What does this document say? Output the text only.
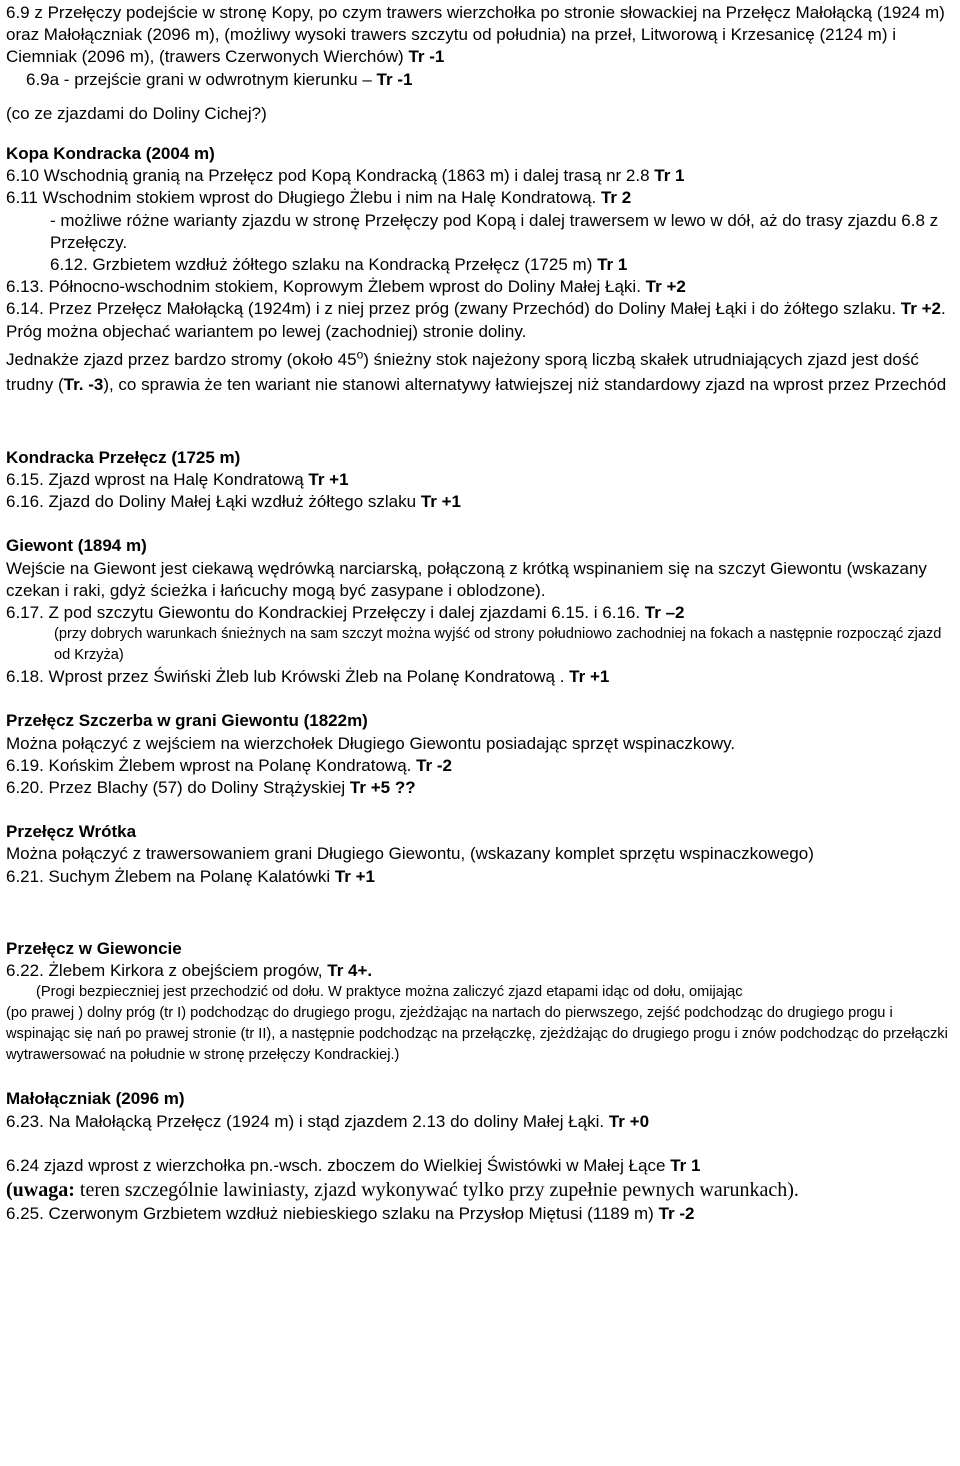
6.9 z Przełęczy podejście w stronę Kopy, po czym trawers wierzchołka po stronie słowackiej na Przełęcz Małołącką (1924 m) oraz Małołączniak (2096 m), (możliwy wysoki trawers szczytu od południa) na przeł, Litworową i Krzesanicę (2124 m) i Ciemniak (2096 m), (trawers Czerwonych Wierchów) Tr -1

6.9a - przejście grani w odwrotnym kierunku – Tr -1

(co ze zjazdami do Doliny Cichej?)

Kopa Kondracka (2004 m)

6.10 Wschodnią granią na Przełęcz pod Kopą Kondracką (1863 m) i dalej trasą nr 2.8 Tr 1

6.11 Wschodnim stokiem wprost do Długiego Żlebu i nim na Halę Kondratową. Tr 2

- możliwe różne warianty zjazdu w stronę Przełęczy pod Kopą i dalej trawersem w lewo w dół, aż do trasy zjazdu 6.8 z Przełęczy.

6.12. Grzbietem wzdłuż żółtego szlaku na Kondracką Przełęcz (1725 m) Tr 1

6.13. Północno-wschodnim stokiem, Koprowym Żlebem wprost do Doliny Małej Łąki. Tr +2

6.14. Przez Przełęcz Małołącką (1924m) i z niej przez próg (zwany Przechód) do Doliny Małej Łąki i do żółtego szlaku. Tr +2. Próg można objechać wariantem po lewej (zachodniej) stronie doliny.

Jednakże zjazd przez bardzo stromy (około 45$^o$) śnieżny stok najeżony sporą liczbą skałek utrudniających zjazd jest dość trudny (Tr. -3), co sprawia że ten wariant nie stanowi alternatywy łatwiejszej niż standardowy zjazd na wprost przez Przechód

Kondracka Przełęcz (1725 m)

6.15. Zjazd wprost na Halę Kondratową Tr +1

6.16. Zjazd do Doliny Małej Łąki wzdłuż żółtego szlaku Tr +1

Giewont (1894 m)

Wejście na Giewont jest ciekawą wędrówką narciarską, połączoną z krótką wspinaniem się na szczyt Giewontu (wskazany czekan i raki, gdyż ścieżka i łańcuchy mogą być zasypane i oblodzone).

6.17. Z pod szczytu Giewontu do Kondrackiej Przełęczy i dalej zjazdami 6.15. i 6.16. Tr –2

(przy dobrych warunkach śnieżnych na sam szczyt można wyjść od strony południowo zachodniej na fokach a następnie rozpocząć zjazd od Krzyża)

6.18. Wprost przez Świński Żleb lub Krówski Żleb na Polanę Kondratową . Tr +1

Przełęcz Szczerba w grani Giewontu (1822m)

Można połączyć z wejściem na wierzchołek Długiego Giewontu posiadając sprzęt wspinaczkowy.

6.19. Końskim Żlebem wprost na Polanę Kondratową. Tr -2

6.20. Przez Blachy (57) do Doliny Strążyskiej Tr +5 ??

Przełęcz Wrótka

Można połączyć z trawersowaniem grani Długiego Giewontu, (wskazany komplet sprzętu wspinaczkowego)

6.21. Suchym Żlebem na Polanę Kalatówki Tr +1

Przełęcz w Giewoncie

6.22. Żlebem Kirkora z obejściem progów, Tr 4+.

(Progi bezpieczniej jest przechodzić od dołu. W praktyce można zaliczyć zjazd etapami idąc od dołu, omijając

(po prawej ) dolny próg (tr I) podchodząc do drugiego progu, zjeżdżając na nartach do pierwszego, zejść podchodząc do drugiego progu i wspinając się nań po prawej stronie (tr II), a następnie podchodząc na przełączkę, zjeżdżając do drugiego progu i znów podchodząc do przełączki wytrawersować na południe w stronę przełęczy Kondrackiej.)

Małołączniak (2096 m)

6.23. Na Małołącką Przełęcz (1924 m) i stąd zjazdem 2.13 do doliny Małej Łąki. Tr +0

6.24 zjazd wprost z wierzchołka pn.-wsch. zboczem do Wielkiej Świstówki w Małej Łące Tr 1

(uwaga: teren szczególnie lawiniasty, zjazd wykonywać tylko przy zupełnie pewnych warunkach).

6.25. Czerwonym Grzbietem wzdłuż niebieskiego szlaku na Przysłop Miętusi (1189 m) Tr -2
